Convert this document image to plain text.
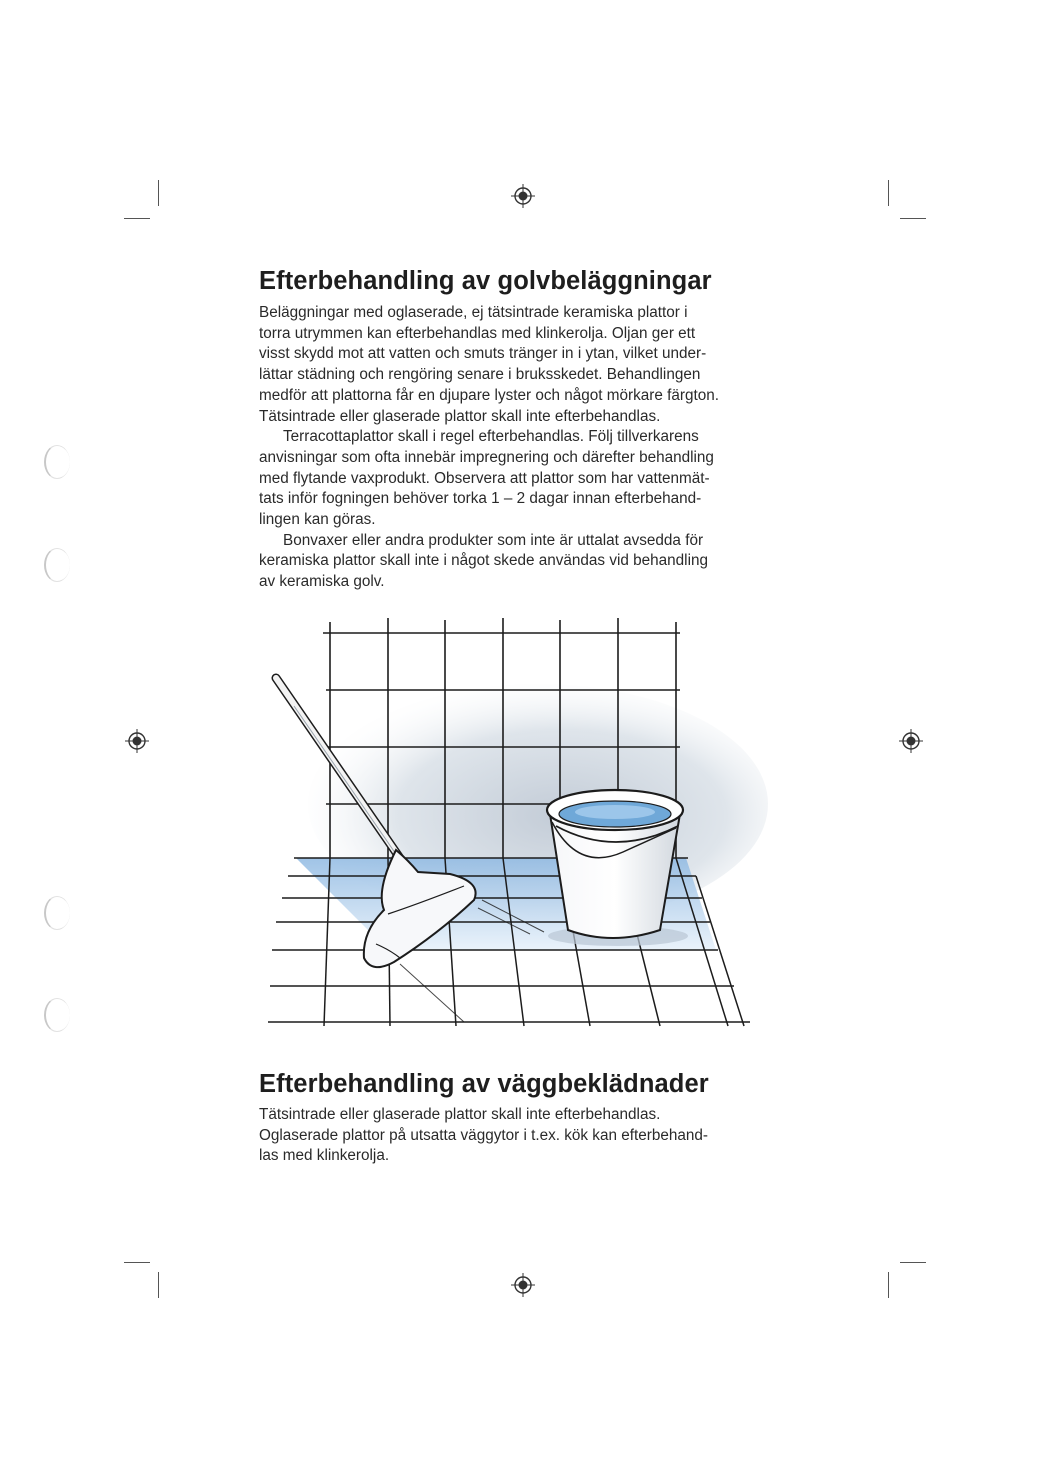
Efterbehandling av golvbeläggningar

Beläggningar med oglaserade, ej tätsintrade keramiska plattor i
torra utrymmen kan efterbehandlas med klinkerolja. Oljan ger ett
visst skydd mot att vatten och smuts tränger in i ytan, vilket under-
lättar städning och rengöring senare i bruksskedet. Behandlingen
medför att plattorna får en djupare lyster och något mörkare färgton.
Tätsintrade eller glaserade plattor skall inte efterbehandlas.

Terracottaplattor skall i regel efterbehandlas. Följ tillverkarens
anvisningar som ofta innebär impregnering och därefter behandling
med flytande vaxprodukt. Observera att plattor som har vattenmät-
tats inför fogningen behöver torka 1 – 2 dagar innan efterbehand-
lingen kan göras.

Bonvaxer eller andra produkter som inte är uttalat avsedda för
keramiska plattor skall inte i något skede användas vid behandling
av keramiska golv.

Efterbehandling av väggbeklädnader

Tätsintrade eller glaserade plattor skall inte efterbehandlas.
Oglaserade plattor på utsatta väggytor i t.ex. kök kan efterbehand-
las med klinkerolja.
